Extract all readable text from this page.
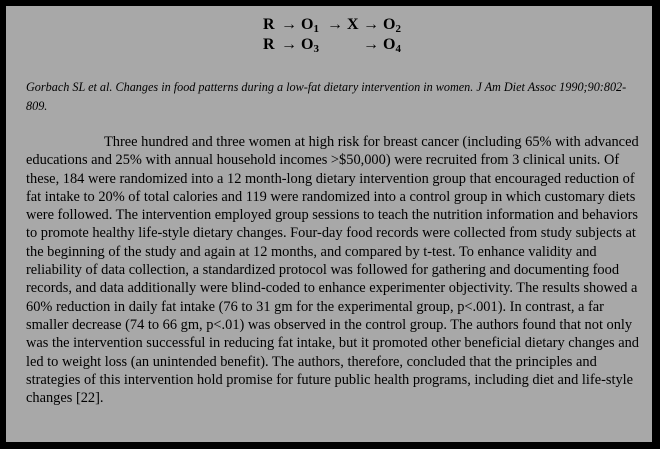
$R \to O_1 \to X \to O_2$
$R \to O_3$	→ $O_4$

Gorbach SL et al. Changes in food patterns during a low-fat dietary intervention in women. J Am Diet Assoc 1990;90:802-809.

Three hundred and three women at high risk for breast cancer (including 65% with advanced educations and 25% with annual household incomes >$50,000) were recruited from 3 clinical units. Of these, 184 were randomized into a 12 month-long dietary intervention group that encouraged reduction of fat intake to 20% of total calories and 119 were randomized into a control group in which customary diets were followed. The intervention employed group sessions to teach the nutrition information and behaviors to promote healthy life-style dietary changes. Four-day food records were collected from study subjects at the beginning of the study and again at 12 months, and compared by t-test. To enhance validity and reliability of data collection, a standardized protocol was followed for gathering and documenting food records, and data additionally were blind-coded to enhance experimenter objectivity. The results showed a 60% reduction in daily fat intake (76 to 31 gm for the experimental group, p<.001). In contrast, a far smaller decrease (74 to 66 gm, p<.01) was observed in the control group. The authors found that not only was the intervention successful in reducing fat intake, but it promoted other beneficial dietary changes and led to weight loss (an unintended benefit). The authors, therefore, concluded that the principles and strategies of this intervention hold promise for future public health programs, including diet and life-style changes [22].
